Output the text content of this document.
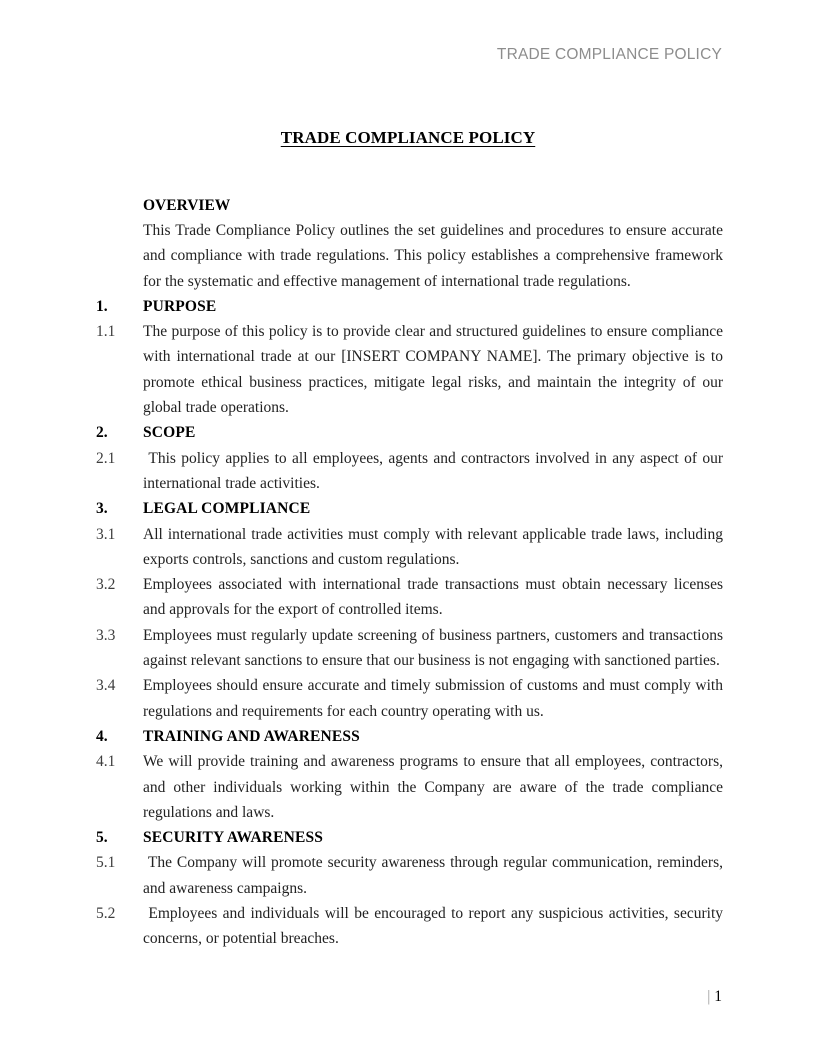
TRADE COMPLIANCE POLICY
TRADE COMPLIANCE POLICY
OVERVIEW
This Trade Compliance Policy outlines the set guidelines and procedures to ensure accurate and compliance with trade regulations. This policy establishes a comprehensive framework for the systematic and effective management of international trade regulations.
1.	PURPOSE
1.1	The purpose of this policy is to provide clear and structured guidelines to ensure compliance with international trade at our [INSERT COMPANY NAME]. The primary objective is to promote ethical business practices, mitigate legal risks, and maintain the integrity of our global trade operations.
2.	SCOPE
2.1	This policy applies to all employees, agents and contractors involved in any aspect of our international trade activities.
3.	LEGAL COMPLIANCE
3.1	All international trade activities must comply with relevant applicable trade laws, including exports controls, sanctions and custom regulations.
3.2	Employees associated with international trade transactions must obtain necessary licenses and approvals for the export of controlled items.
3.3	Employees must regularly update screening of business partners, customers and transactions against relevant sanctions to ensure that our business is not engaging with sanctioned parties.
3.4	Employees should ensure accurate and timely submission of customs and must comply with regulations and requirements for each country operating with us.
4.	TRAINING AND AWARENESS
4.1	We will provide training and awareness programs to ensure that all employees, contractors, and other individuals working within the Company are aware of the trade compliance regulations and laws.
5.	SECURITY AWARENESS
5.1	The Company will promote security awareness through regular communication, reminders, and awareness campaigns.
5.2	Employees and individuals will be encouraged to report any suspicious activities, security concerns, or potential breaches.
| 1
